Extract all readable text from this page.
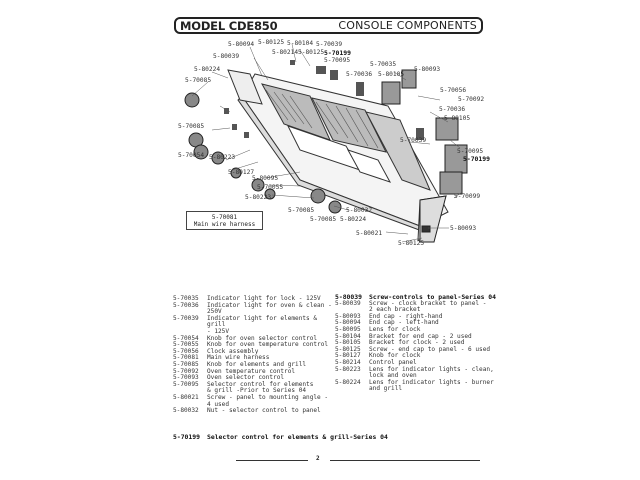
MODEL CDE850	CONSOLE COMPONENTS
5-80094 5-80125 5-80104 5-70039
5-80039
5-80214 5-80125 5-70199
5-80224
5-70095
5-70035
5-70085
5-70036 5-80105
5-80093
5-70056
5-70092
5-70036
5-80105
5-70085
5-70039
5-70095
5-70199
5-70054 5-80223
5-80127
5-80095
5-70055
5-80223	5-70099
5-70085	5-80032
5-70085 5-80224
5-80093
5-80021
5-80125
5-70081
Main wire harness
5-70035	Indicator light for lock - 125V
5-70036	Indicator light for oven & clean -
250V
5-70039	Indicator light for elements & grill
- 125V
5-70054	Knob for oven selector control
5-70055	Knob for oven temperature control
5-70056	Clock assembly
5-70081	Main wire harness
5-70085	Knob for elements and grill
5-70092	Oven temperature control
5-70093	Oven selector control
5-70095	Selector control for elements
& grill -Prior to Series 04
5-80021	Screw - panel to mounting angle -
4 used
5-80032	Nut - selector control to panel
5-80039	Screw-controls to panel-Series 04
5-80039	Screw - clock bracket to panel -
2 each bracket
5-80093	End cap - right-hand
5-80094	End cap - left-hand
5-80095	Lens for clock
5-80104	Bracket for end cap - 2 used
5-80105	Bracket for clock - 2 used
5-80125	Screw - end cap to panel - 6 used
5-80127	Knob for clock
5-80214	Control panel
5-80223	Lens for indicator lights - clean,
lock and oven
5-80224	Lens for indicator lights - burner
and grill
5-70199	Selector control for elements & grill-Series 04
2
